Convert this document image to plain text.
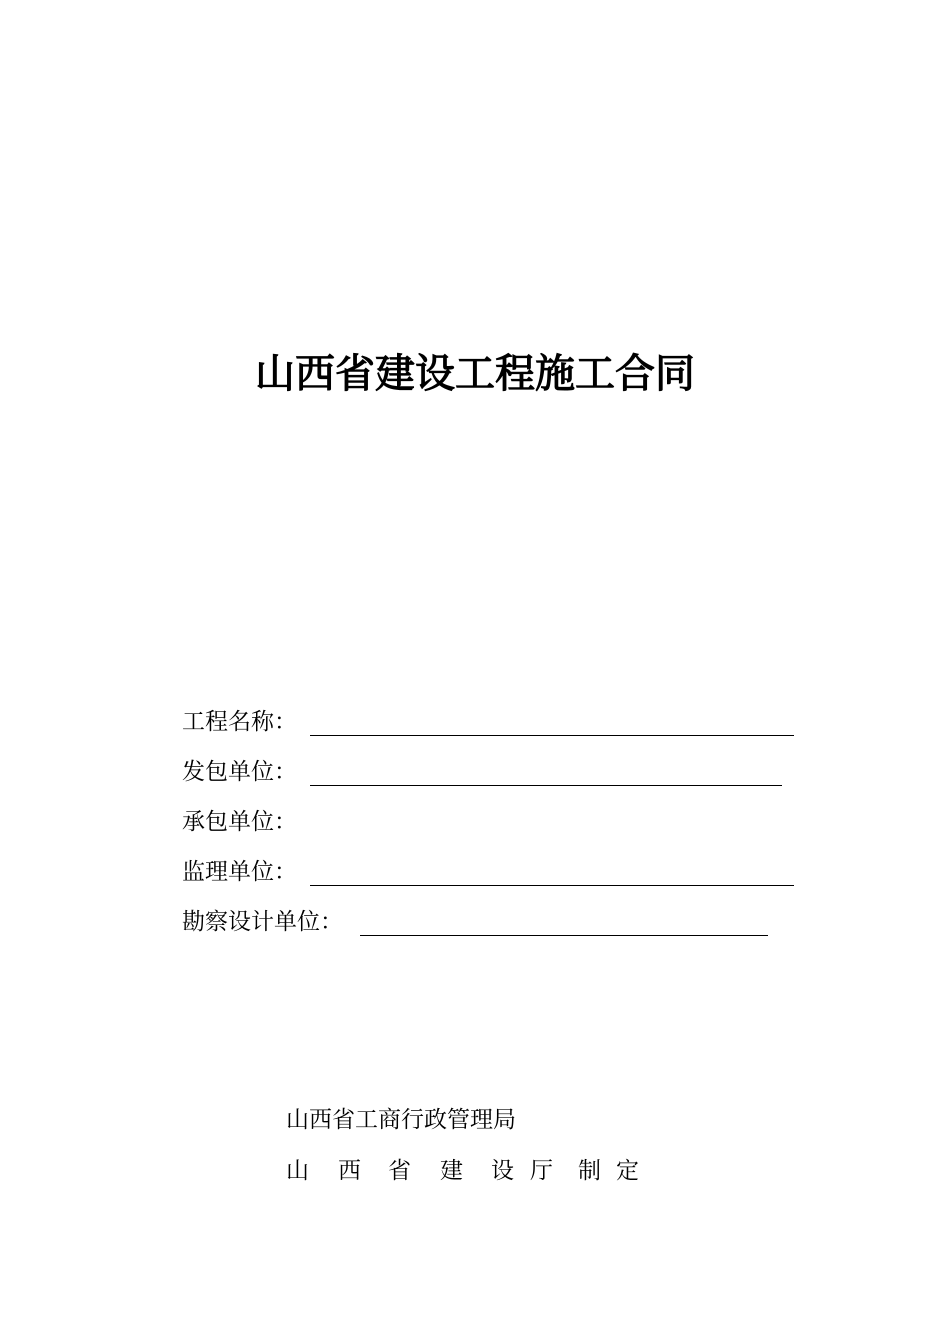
山西省建设工程施工合同
工程名称：
发包单位：
承包单位：
监理单位：
勘察设计单位：
山西省工商行政管理局
山 西 省 建 设 厅 制 定
